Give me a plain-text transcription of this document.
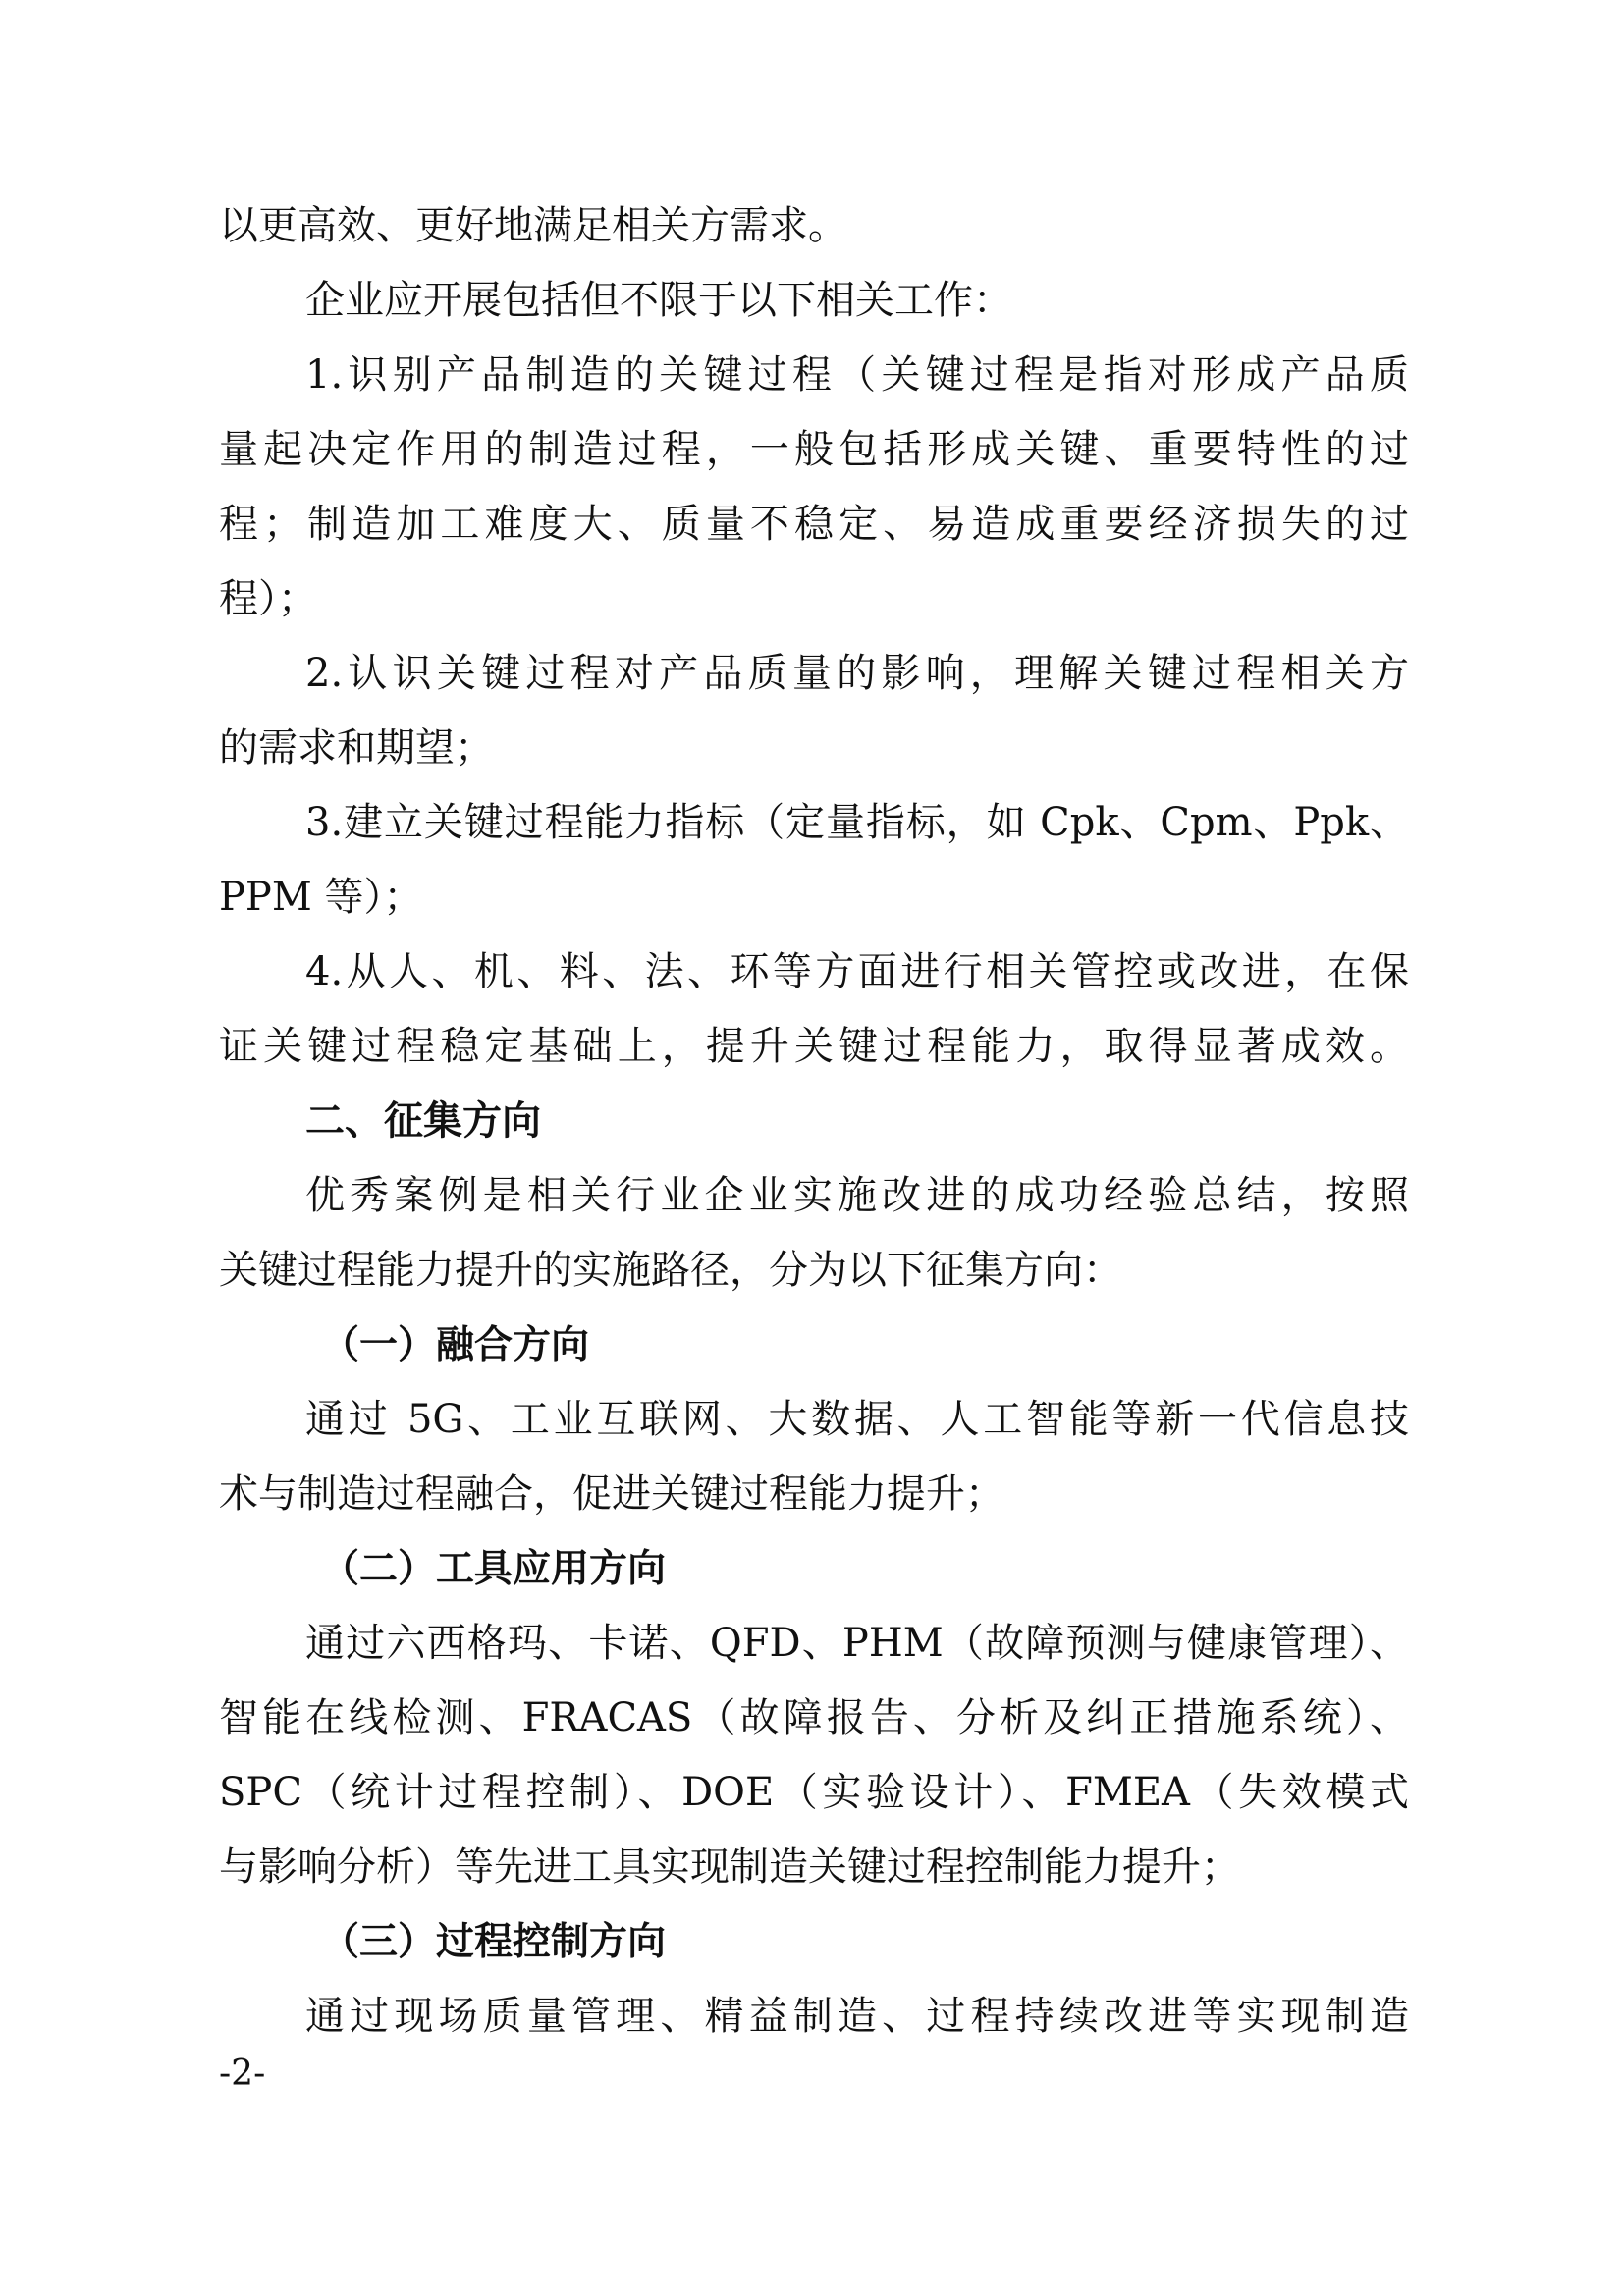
以更高效、更好地满足相关方需求。
企业应开展包括但不限于以下相关工作：
1.识别产品制造的关键过程（关键过程是指对形成产品质
量起决定作用的制造过程，一般包括形成关键、重要特性的过
程；制造加工难度大、质量不稳定、易造成重要经济损失的过
程）；
2.认识关键过程对产品质量的影响，理解关键过程相关方
的需求和期望；
3.建立关键过程能力指标（定量指标，如 Cpk、Cpm、Ppk、
PPM 等）；
4.从人、机、料、法、环等方面进行相关管控或改进，在保
证关键过程稳定基础上，提升关键过程能力，取得显著成效。
二、征集方向
优秀案例是相关行业企业实施改进的成功经验总结，按照
关键过程能力提升的实施路径，分为以下征集方向：
（一）融合方向
通过 5G、工业互联网、大数据、人工智能等新一代信息技
术与制造过程融合，促进关键过程能力提升；
（二）工具应用方向
通过六西格玛、卡诺、QFD、PHM（故障预测与健康管理）、
智能在线检测、FRACAS（故障报告、分析及纠正措施系统）、
SPC（统计过程控制）、DOE（实验设计）、FMEA（失效模式
与影响分析）等先进工具实现制造关键过程控制能力提升；
（三）过程控制方向
通过现场质量管理、精益制造、过程持续改进等实现制造
-2-
